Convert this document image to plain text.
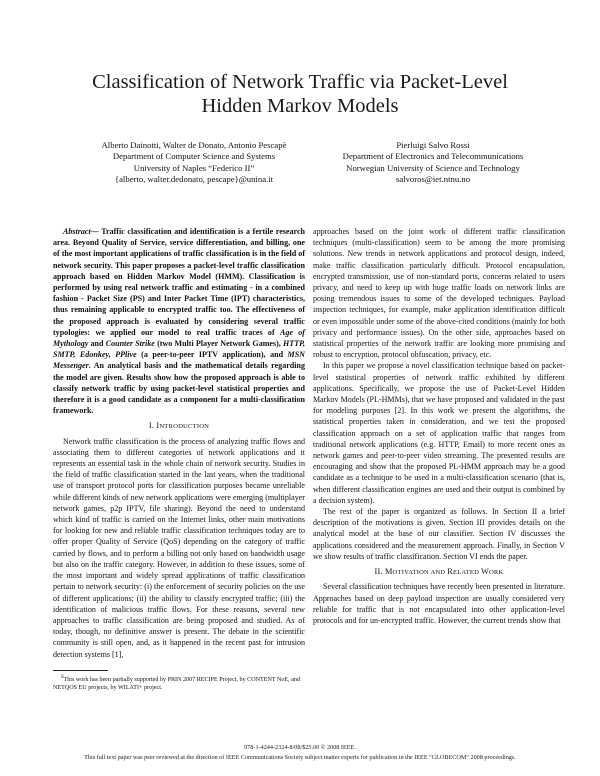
Classification of Network Traffic via Packet-Level
Hidden Markov Models
Alberto Dainotti, Walter de Donato, Antonio Pescapè
Department of Computer Science and Systems
University of Naples “Federico II”
{alberto, walter.dedonato, pescape}@unina.it
Pierluigi Salvo Rossi
Department of Electronics and Telecommunications
Norwegian University of Science and Technology
salvoros@iet.ntnu.no

Abstract— Traffic classification and identification is a fertile research area. Beyond Quality of Service, service differentiation, and billing, one of the most important applications of traffic classification is in the field of network security. This paper proposes a packet-level traffic classification approach based on Hidden Markov Model (HMM). Classification is performed by using real network traffic and estimating - in a combined fashion - Packet Size (PS) and Inter Packet Time (IPT) characteristics, thus remaining applicable to encrypted traffic too. The effectiveness of the proposed approach is evaluated by considering several traffic typologies: we applied our model to real traffic traces of Age of Mythology and Counter Strike (two Multi Player Network Games), HTTP, SMTP, Edonkey, PPlive (a peer-to-peer IPTV application), and MSN Messenger. An analytical basis and the mathematical details regarding the model are given. Results show how the proposed approach is able to classify network traffic by using packet-level statistical properties and therefore it is a good candidate as a component for a multi-classification framework.

I. INTRODUCTION

Network traffic classification is the process of analyzing traffic flows and associating them to different categories of network applications and it represents an essential task in the whole chain of network security. Studies in the field of traffic classification started in the last years, when the traditional use of transport protocol ports for classification purposes became unreliable while different kinds of new network applications were emerging (multiplayer network games, p2p IPTV, file sharing). Beyond the need to understand which kind of traffic is carried on the Internet links, other main motivations for looking for new and reliable traffic classification techniques today are to offer proper Quality of Service (QoS) depending on the category of traffic carried by flows, and to perform a billing not only based on bandwidth usage but also on the traffic category. However, in addition to these issues, some of the most important and widely spread applications of traffic classification pertain to network security: (i) the enforcement of security policies on the use of different applications; (ii) the ability to classify encrypted traffic; (iii) the identification of malicious traffic flows. For these reasons, several new approaches to traffic classification are being proposed and studied. As of today, though, no definitive answer is present. The debate in the scientific community is still open, and, as it happened in the recent past for intrusion detection systems [1],

$^0$This work has been partially supported by PRIN 2007 RECIPE Project, by CONTENT NoE, and NETQOS EU projects, by WILATI+ project.

approaches based on the joint work of different traffic classification techniques (multi-classification) seem to be among the more promising solutions. New trends in network applications and protocol design, indeed, make traffic classification particularly difficult. Protocol encapsulation, encrypted transmission, use of non-standard ports, concerns related to users privacy, and need to keep up with huge traffic loads on network links are posing tremendous issues to some of the developed techniques. Payload inspection techniques, for example, make application identification difficult or even impossible under some of the above-cited conditions (mainly for both privacy and performance issues). On the other side, approaches based on statistical properties of the network traffic are looking more promising and robust to encryption, protocol obfuscation, privacy, etc.

In this paper we propose a novel classification technique based on packet-level statistical properties of network traffic exhibited by different applications. Specifically, we propose the use of Packet-Level Hidden Markov Models (PL-HMMs), that we have proposed and validated in the past for modeling purposes [2]. In this work we present the algorithms, the statistical properties taken in consideration, and we test the proposed classification approach on a set of application traffic that ranges from traditional network applications (e.g. HTTP, Email) to more recent ones as network games and peer-to-peer video streaming. The presented results are encouraging and show that the proposed PL-HMM approach may be a good candidate as a technique to be used in a multi-classification scenario (that is, when different classification engines are used and their output is combined by a decision system).

The rest of the paper is organized as follows. In Section II a brief description of the motivations is given. Section III provides details on the analytical model at the base of our classifier. Section IV discusses the applications considered and the measurement approach. Finally, in Section V we show results of traffic classification. Section VI ends the paper.

II. MOTIVATION AND RELATED WORK

Several classification techniques have recently been presented in literature. Approaches based on deep payload inspection are usually considered very reliable for traffic that is not encapsulated into other application-level protocols and for un-encrypted traffic. However, the current trends show that

978-1-4244-2324-8/08/$25.00 © 2008 IEEE.
This full text paper was peer reviewed at the direction of IEEE Communications Society subject matter experts for publication in the IEEE "GLOBECOM" 2008 proceedings.
